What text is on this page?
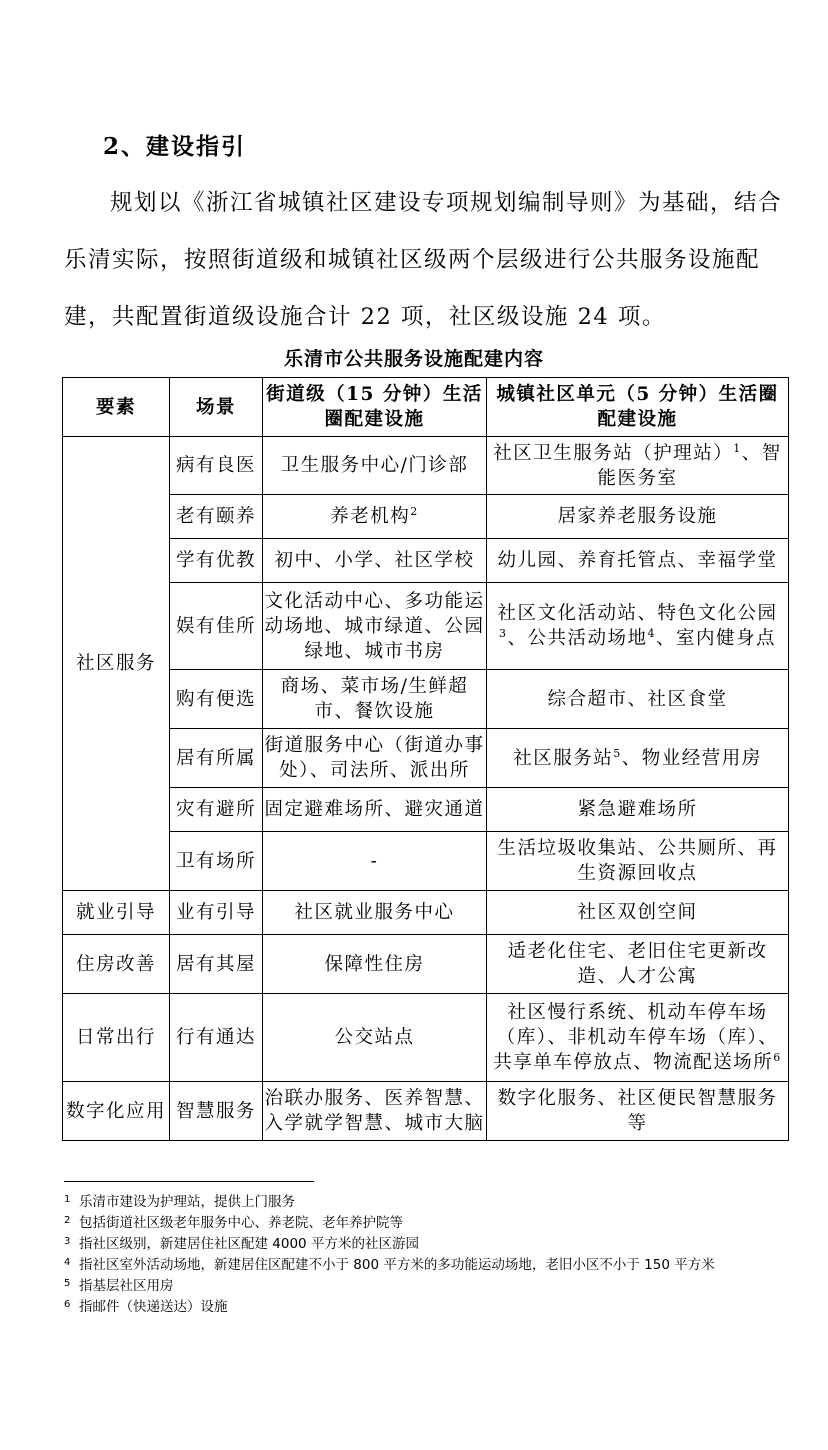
2、建设指引
规划以《浙江省城镇社区建设专项规划编制导则》为基础，结合乐清实际，按照街道级和城镇社区级两个层级进行公共服务设施配建，共配置街道级设施合计 22 项，社区级设施 24 项。
乐清市公共服务设施配建内容
要素	场景	街道级（15 分钟）生活圈配建设施	城镇社区单元（5 分钟）生活圈配建设施
社区服务	病有良医	卫生服务中心/门诊部	社区卫生服务站（护理站）$^1$、智能医务室
	老有颐养	养老机构$^2$	居家养老服务设施
	学有优教	初中、小学、社区学校	幼儿园、养育托管点、幸福学堂
	娱有佳所	文化活动中心、多功能运动场地、城市绿道、公园绿地、城市书房	社区文化活动站、特色文化公园$^3$、公共活动场地$^4$、室内健身点
	购有便选	商场、菜市场/生鲜超市、餐饮设施	综合超市、社区食堂
	居有所属	街道服务中心（街道办事处）、司法所、派出所	社区服务站$^5$、物业经营用房
	灾有避所	固定避难场所、避灾通道	紧急避难场所
	卫有场所	-	生活垃圾收集站、公共厕所、再生资源回收点
就业引导	业有引导	社区就业服务中心	社区双创空间
住房改善	居有其屋	保障性住房	适老化住宅、老旧住宅更新改造、人才公寓
日常出行	行有通达	公交站点	社区慢行系统、机动车停车场（库）、非机动车停车场（库）、共享单车停放点、物流配送场所$^6$
数字化应用	智慧服务	治联办服务、医养智慧、入学就学智慧、城市大脑	数字化服务、社区便民智慧服务等
1 乐清市建设为护理站，提供上门服务
2 包括街道社区级老年服务中心、养老院、老年养护院等
3 指社区级别，新建居住社区配建 4000 平方米的社区游园
4 指社区室外活动场地，新建居住区配建不小于 800 平方米的多功能运动场地，老旧小区不小于 150 平方米
5 指基层社区用房
6 指邮件（快递送达）设施
